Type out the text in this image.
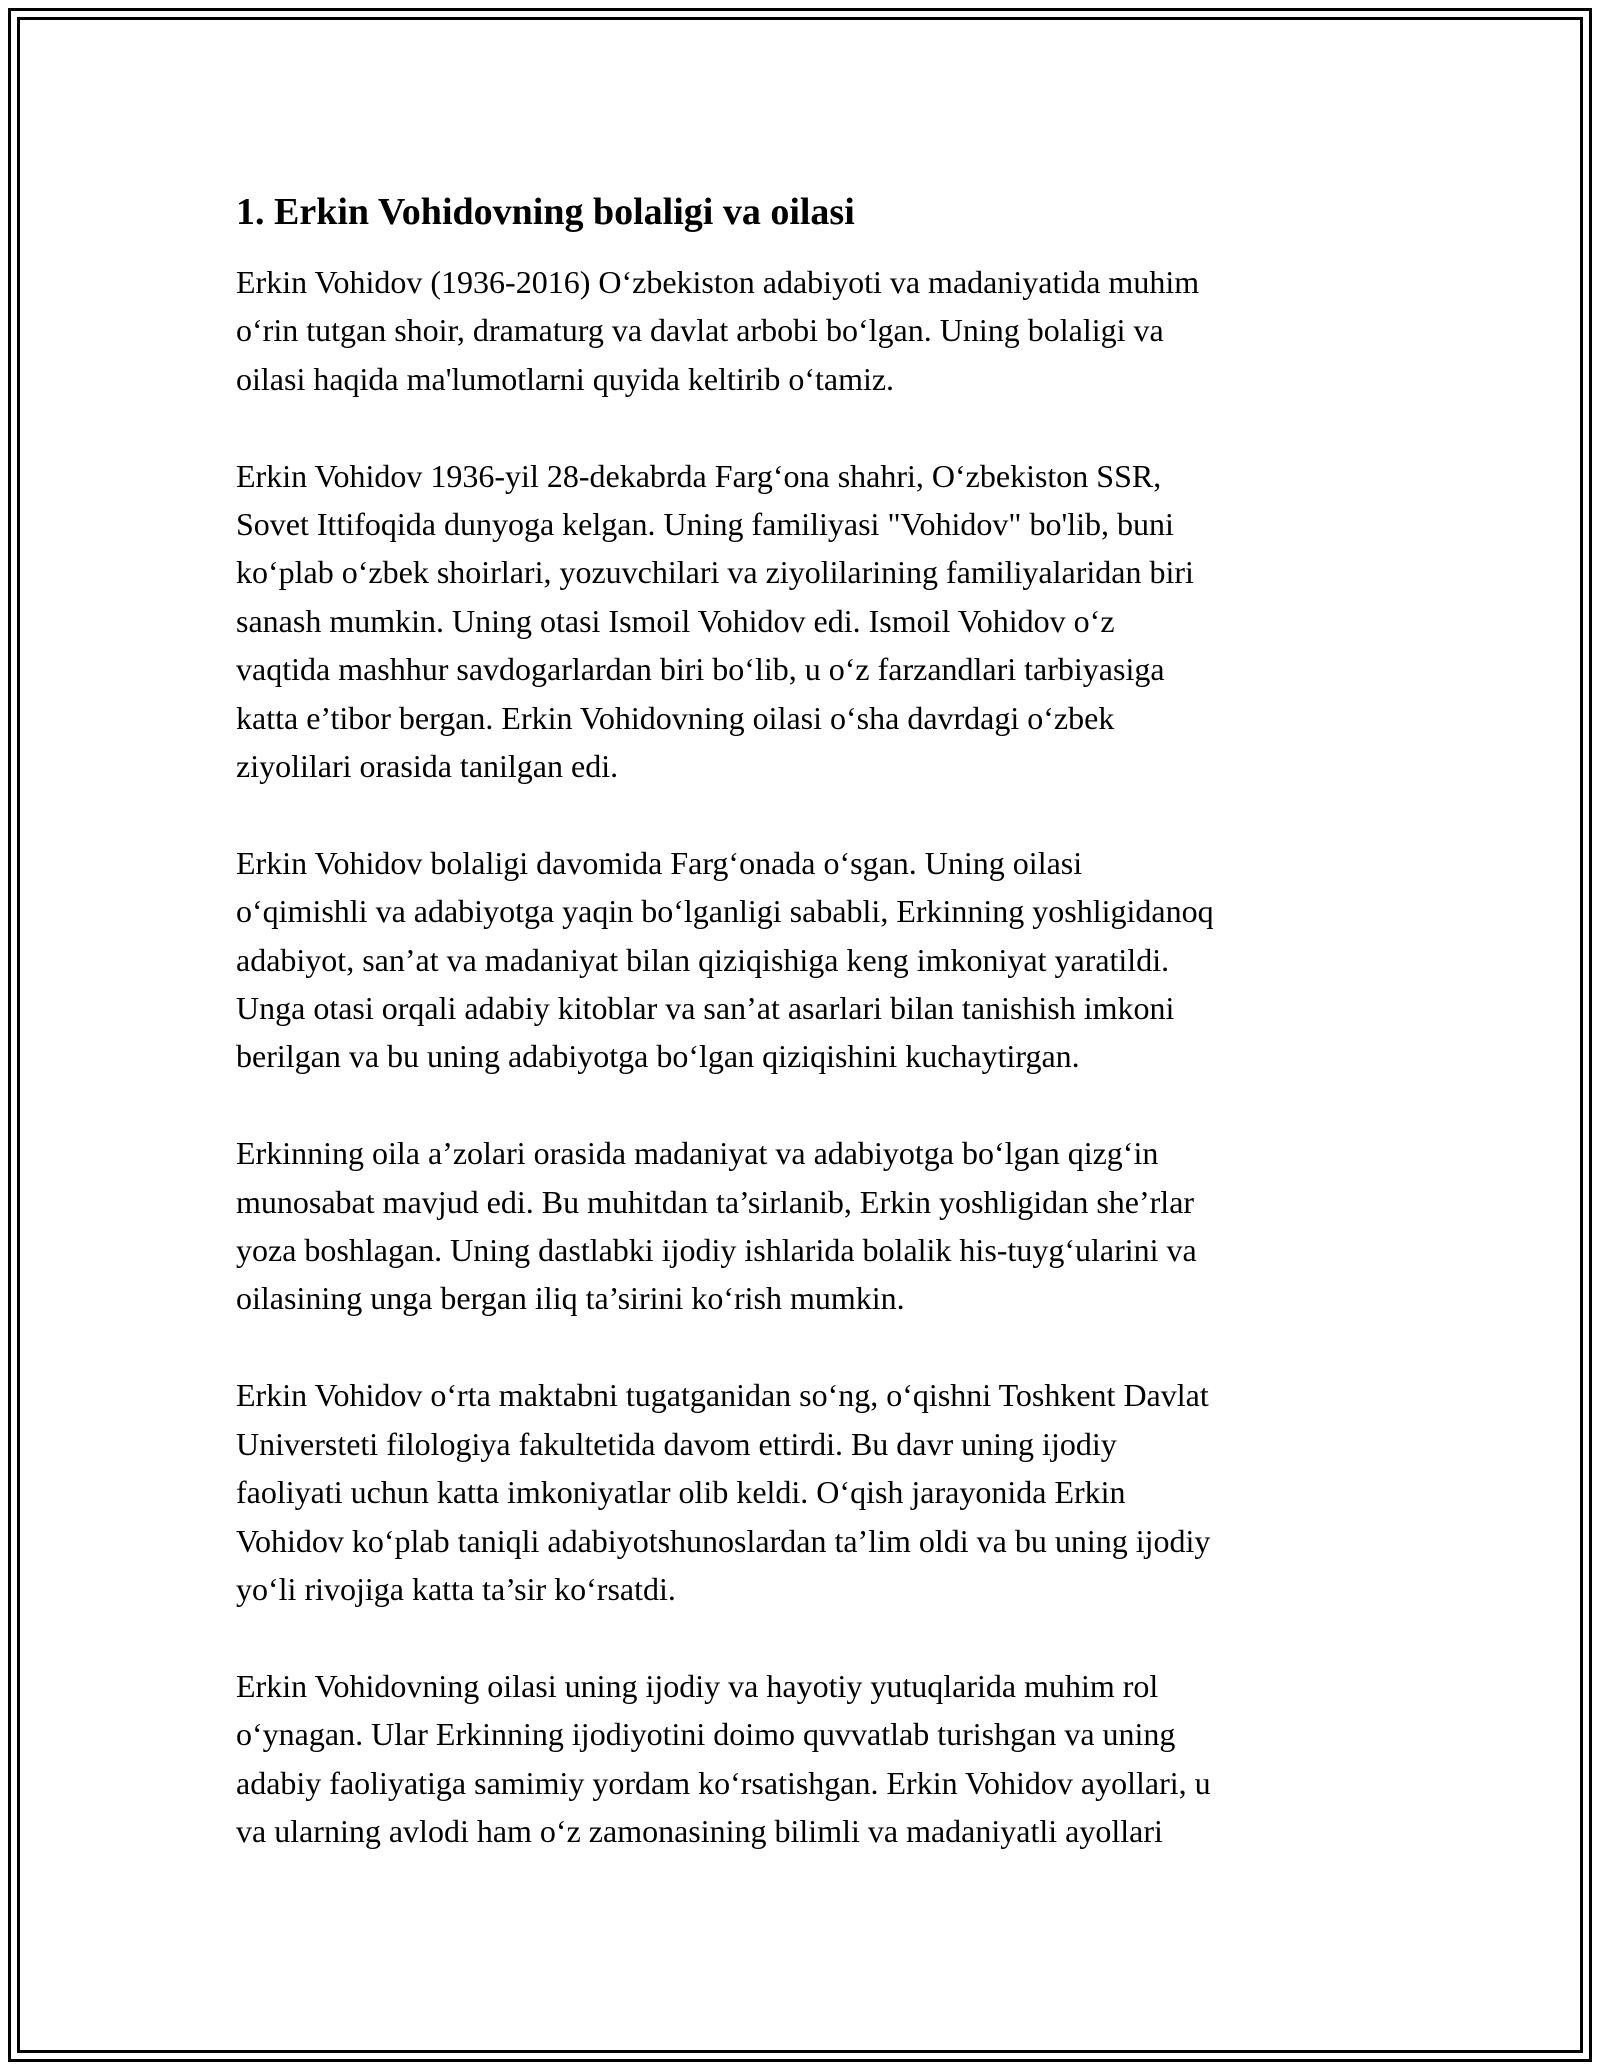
1. Erkin Vohidovning bolaligi va oilasi

Erkin Vohidov (1936-2016) O‘zbekiston adabiyoti va madaniyatida muhim
o‘rin tutgan shoir, dramaturg va davlat arbobi bo‘lgan. Uning bolaligi va
oilasi haqida ma'lumotlarni quyida keltirib o‘tamiz.

Erkin Vohidov 1936-yil 28-dekabrda Farg‘ona shahri, O‘zbekiston SSR,
Sovet Ittifoqida dunyoga kelgan. Uning familiyasi "Vohidov" bo'lib, buni
ko‘plab o‘zbek shoirlari, yozuvchilari va ziyolilarining familiyalaridan biri
sanash mumkin. Uning otasi Ismoil Vohidov edi. Ismoil Vohidov o‘z
vaqtida mashhur savdogarlardan biri bo‘lib, u o‘z farzandlari tarbiyasiga
katta e’tibor bergan. Erkin Vohidovning oilasi o‘sha davrdagi o‘zbek
ziyolilari orasida tanilgan edi.

Erkin Vohidov bolaligi davomida Farg‘onada o‘sgan. Uning oilasi
o‘qimishli va adabiyotga yaqin bo‘lganligi sababli, Erkinning yoshligidanoq
adabiyot, san’at va madaniyat bilan qiziqishiga keng imkoniyat yaratildi.
Unga otasi orqali adabiy kitoblar va san’at asarlari bilan tanishish imkoni
berilgan va bu uning adabiyotga bo‘lgan qiziqishini kuchaytirgan.

Erkinning oila a’zolari orasida madaniyat va adabiyotga bo‘lgan qizg‘in
munosabat mavjud edi. Bu muhitdan ta’sirlanib, Erkin yoshligidan she’rlar
yoza boshlagan. Uning dastlabki ijodiy ishlarida bolalik his-tuyg‘ularini va
oilasining unga bergan iliq ta’sirini ko‘rish mumkin.

Erkin Vohidov o‘rta maktabni tugatganidan so‘ng, o‘qishni Toshkent Davlat
Universteti filologiya fakultetida davom ettirdi. Bu davr uning ijodiy
faoliyati uchun katta imkoniyatlar olib keldi. O‘qish jarayonida Erkin
Vohidov ko‘plab taniqli adabiyotshunoslardan ta’lim oldi va bu uning ijodiy
yo‘li rivojiga katta ta’sir ko‘rsatdi.

Erkin Vohidovning oilasi uning ijodiy va hayotiy yutuqlarida muhim rol
o‘ynagan. Ular Erkinning ijodiyotini doimo quvvatlab turishgan va uning
adabiy faoliyatiga samimiy yordam ko‘rsatishgan. Erkin Vohidov ayollari, u
va ularning avlodi ham o‘z zamonasining bilimli va madaniyatli ayollari
